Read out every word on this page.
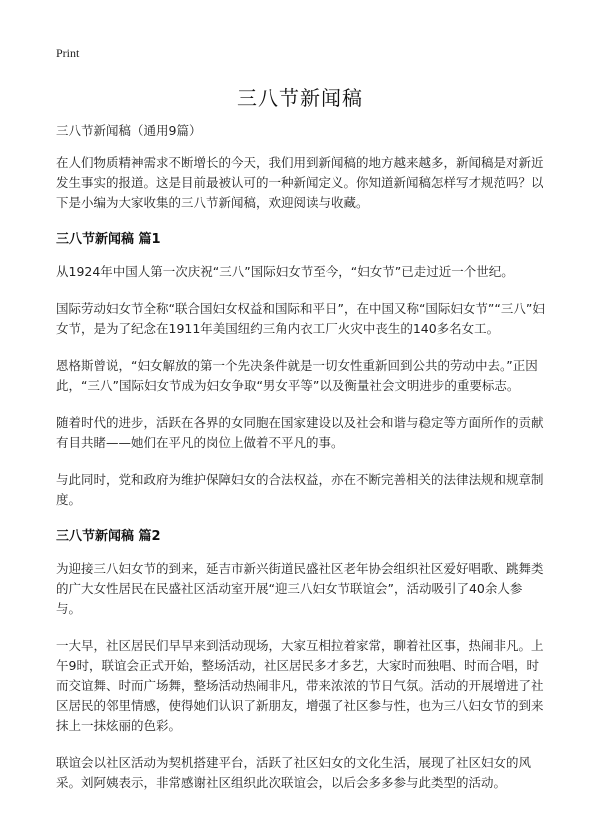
Print
三八节新闻稿

三八节新闻稿（通用9篇）

在人们物质精神需求不断增长的今天，我们用到新闻稿的地方越来越多，新闻稿是对新近发生事实的报道。这是目前最被认可的一种新闻定义。你知道新闻稿怎样写才规范吗？以下是小编为大家收集的三八节新闻稿，欢迎阅读与收藏。

三八节新闻稿 篇1

从1924年中国人第一次庆祝“三八”国际妇女节至今，“妇女节”已走过近一个世纪。

国际劳动妇女节全称“联合国妇女权益和国际和平日”，在中国又称“国际妇女节”“三八”妇女节，是为了纪念在1911年美国纽约三角内衣工厂火灾中丧生的140多名女工。

恩格斯曾说，“妇女解放的第一个先决条件就是一切女性重新回到公共的劳动中去。”正因此，“三八”国际妇女节成为妇女争取“男女平等”以及衡量社会文明进步的重要标志。

随着时代的进步，活跃在各界的女同胞在国家建设以及社会和谐与稳定等方面所作的贡献有目共睹——她们在平凡的岗位上做着不平凡的事。

与此同时，党和政府为维护保障妇女的合法权益，亦在不断完善相关的法律法规和规章制度。

三八节新闻稿 篇2

为迎接三八妇女节的到来，延吉市新兴街道民盛社区老年协会组织社区爱好唱歌、跳舞类的广大女性居民在民盛社区活动室开展“迎三八妇女节联谊会”，活动吸引了40余人参与。

一大早，社区居民们早早来到活动现场，大家互相拉着家常，聊着社区事，热闹非凡。上午9时，联谊会正式开始，整场活动，社区居民多才多艺，大家时而独唱、时而合唱，时而交谊舞、时而广场舞，整场活动热闹非凡，带来浓浓的节日气氛。活动的开展增进了社区居民的邻里情感，使得她们认识了新朋友，增强了社区参与性，也为三八妇女节的到来抹上一抹炫丽的色彩。

联谊会以社区活动为契机搭建平台，活跃了社区妇女的文化生活，展现了社区妇女的风采。刘阿姨表示，非常感谢社区组织此次联谊会，以后会多多参与此类型的活动。
